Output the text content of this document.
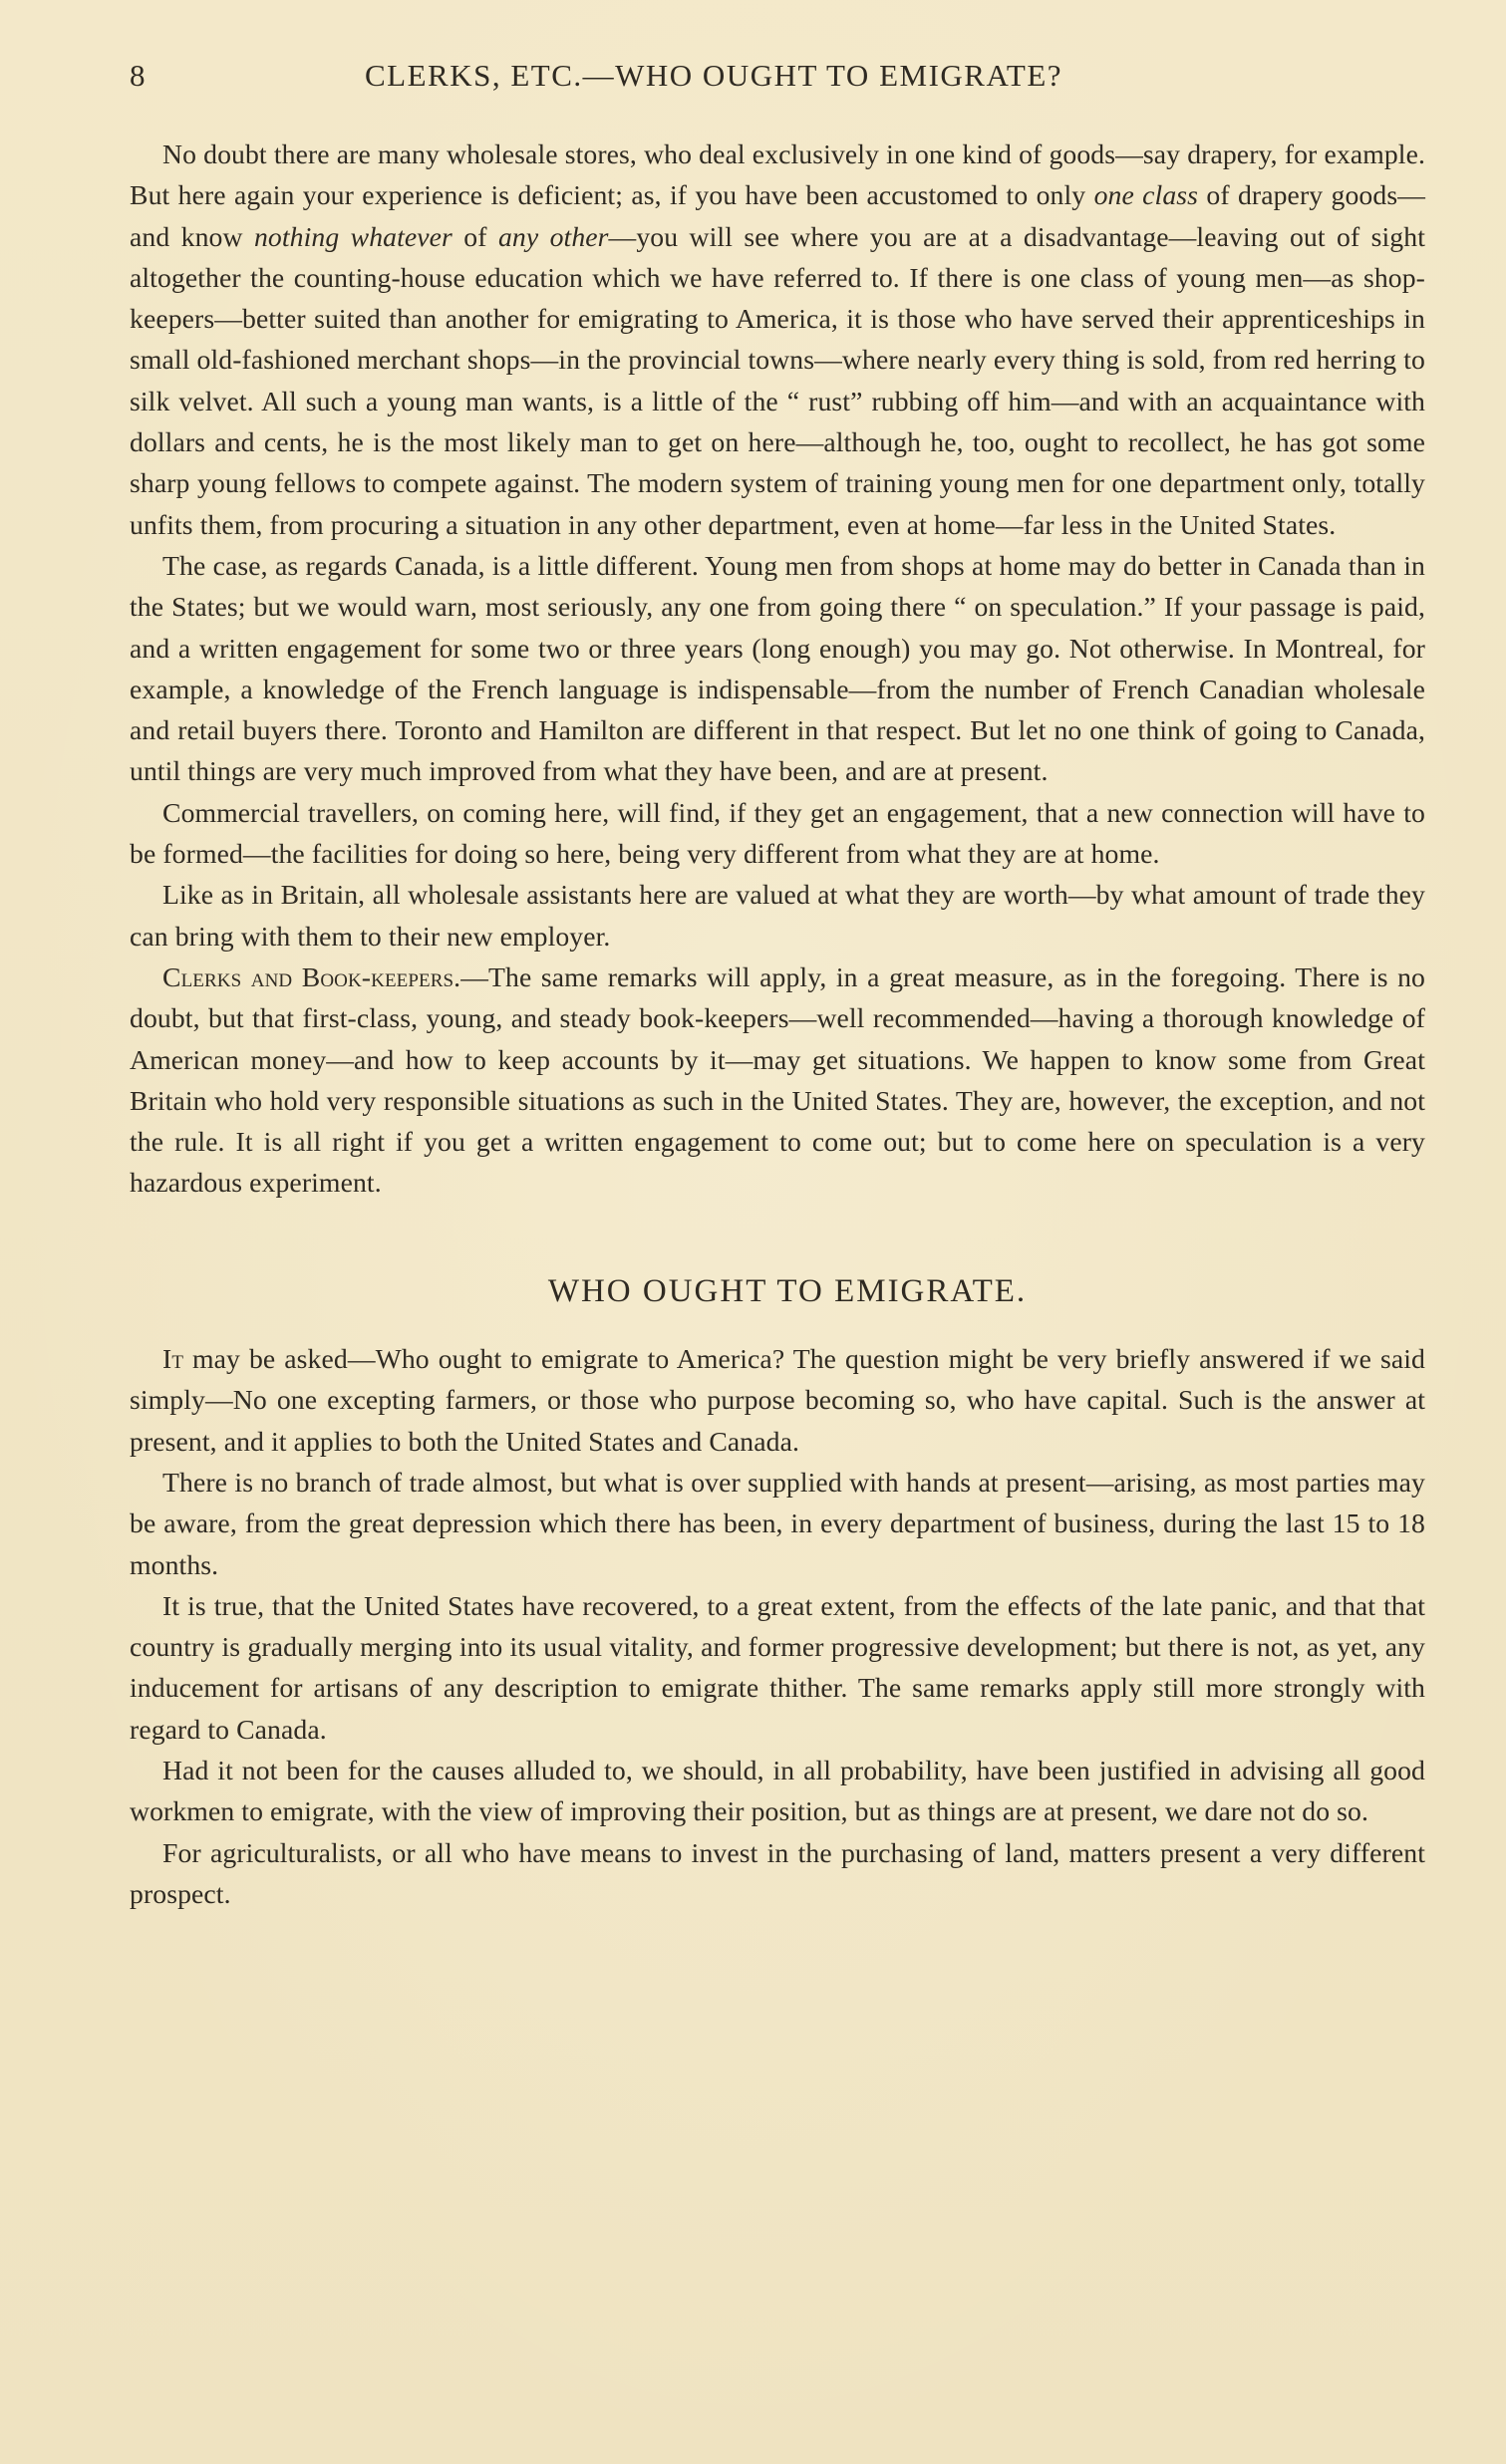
8	CLERKS, ETC.—WHO OUGHT TO EMIGRATE?

No doubt there are many wholesale stores, who deal exclusively in one kind of goods—say drapery, for example. But here again your experience is deficient; as, if you have been accustomed to only one class of drapery goods—and know nothing whatever of any other—you will see where you are at a disadvantage—leaving out of sight altogether the counting-house education which we have referred to. If there is one class of young men—as shop-keepers—better suited than another for emigrating to America, it is those who have served their apprenticeships in small old-fashioned merchant shops—in the provincial towns—where nearly every thing is sold, from red herring to silk velvet. All such a young man wants, is a little of the “ rust” rubbing off him—and with an acquaintance with dollars and cents, he is the most likely man to get on here—although he, too, ought to recollect, he has got some sharp young fellows to compete against. The modern system of training young men for one department only, totally unfits them, from procuring a situation in any other department, even at home—far less in the United States.

The case, as regards Canada, is a little different. Young men from shops at home may do better in Canada than in the States; but we would warn, most seriously, any one from going there “ on speculation.” If your passage is paid, and a written engagement for some two or three years (long enough) you may go. Not otherwise. In Montreal, for example, a knowledge of the French language is indispensable—from the number of French Canadian wholesale and retail buyers there. Toronto and Hamilton are different in that respect. But let no one think of going to Canada, until things are very much improved from what they have been, and are at present.

Commercial travellers, on coming here, will find, if they get an engagement, that a new connection will have to be formed—the facilities for doing so here, being very different from what they are at home.

Like as in Britain, all wholesale assistants here are valued at what they are worth—by what amount of trade they can bring with them to their new employer.

Clerks and Book-keepers.—The same remarks will apply, in a great measure, as in the foregoing. There is no doubt, but that first-class, young, and steady book-keepers—well recommended—having a thorough knowledge of American money—and how to keep accounts by it—may get situations. We happen to know some from Great Britain who hold very responsible situations as such in the United States. They are, however, the exception, and not the rule. It is all right if you get a written engagement to come out; but to come here on speculation is a very hazardous experiment.

WHO OUGHT TO EMIGRATE.

It may be asked—Who ought to emigrate to America? The question might be very briefly answered if we said simply—No one excepting farmers, or those who purpose becoming so, who have capital. Such is the answer at present, and it applies to both the United States and Canada.

There is no branch of trade almost, but what is over supplied with hands at present—arising, as most parties may be aware, from the great depression which there has been, in every department of business, during the last 15 to 18 months.

It is true, that the United States have recovered, to a great extent, from the effects of the late panic, and that that country is gradually merging into its usual vitality, and former progressive development; but there is not, as yet, any inducement for artisans of any description to emigrate thither. The same remarks apply still more strongly with regard to Canada.

Had it not been for the causes alluded to, we should, in all probability, have been justified in advising all good workmen to emigrate, with the view of improving their position, but as things are at present, we dare not do so.

For agriculturalists, or all who have means to invest in the purchasing of land, matters present a very different prospect.
